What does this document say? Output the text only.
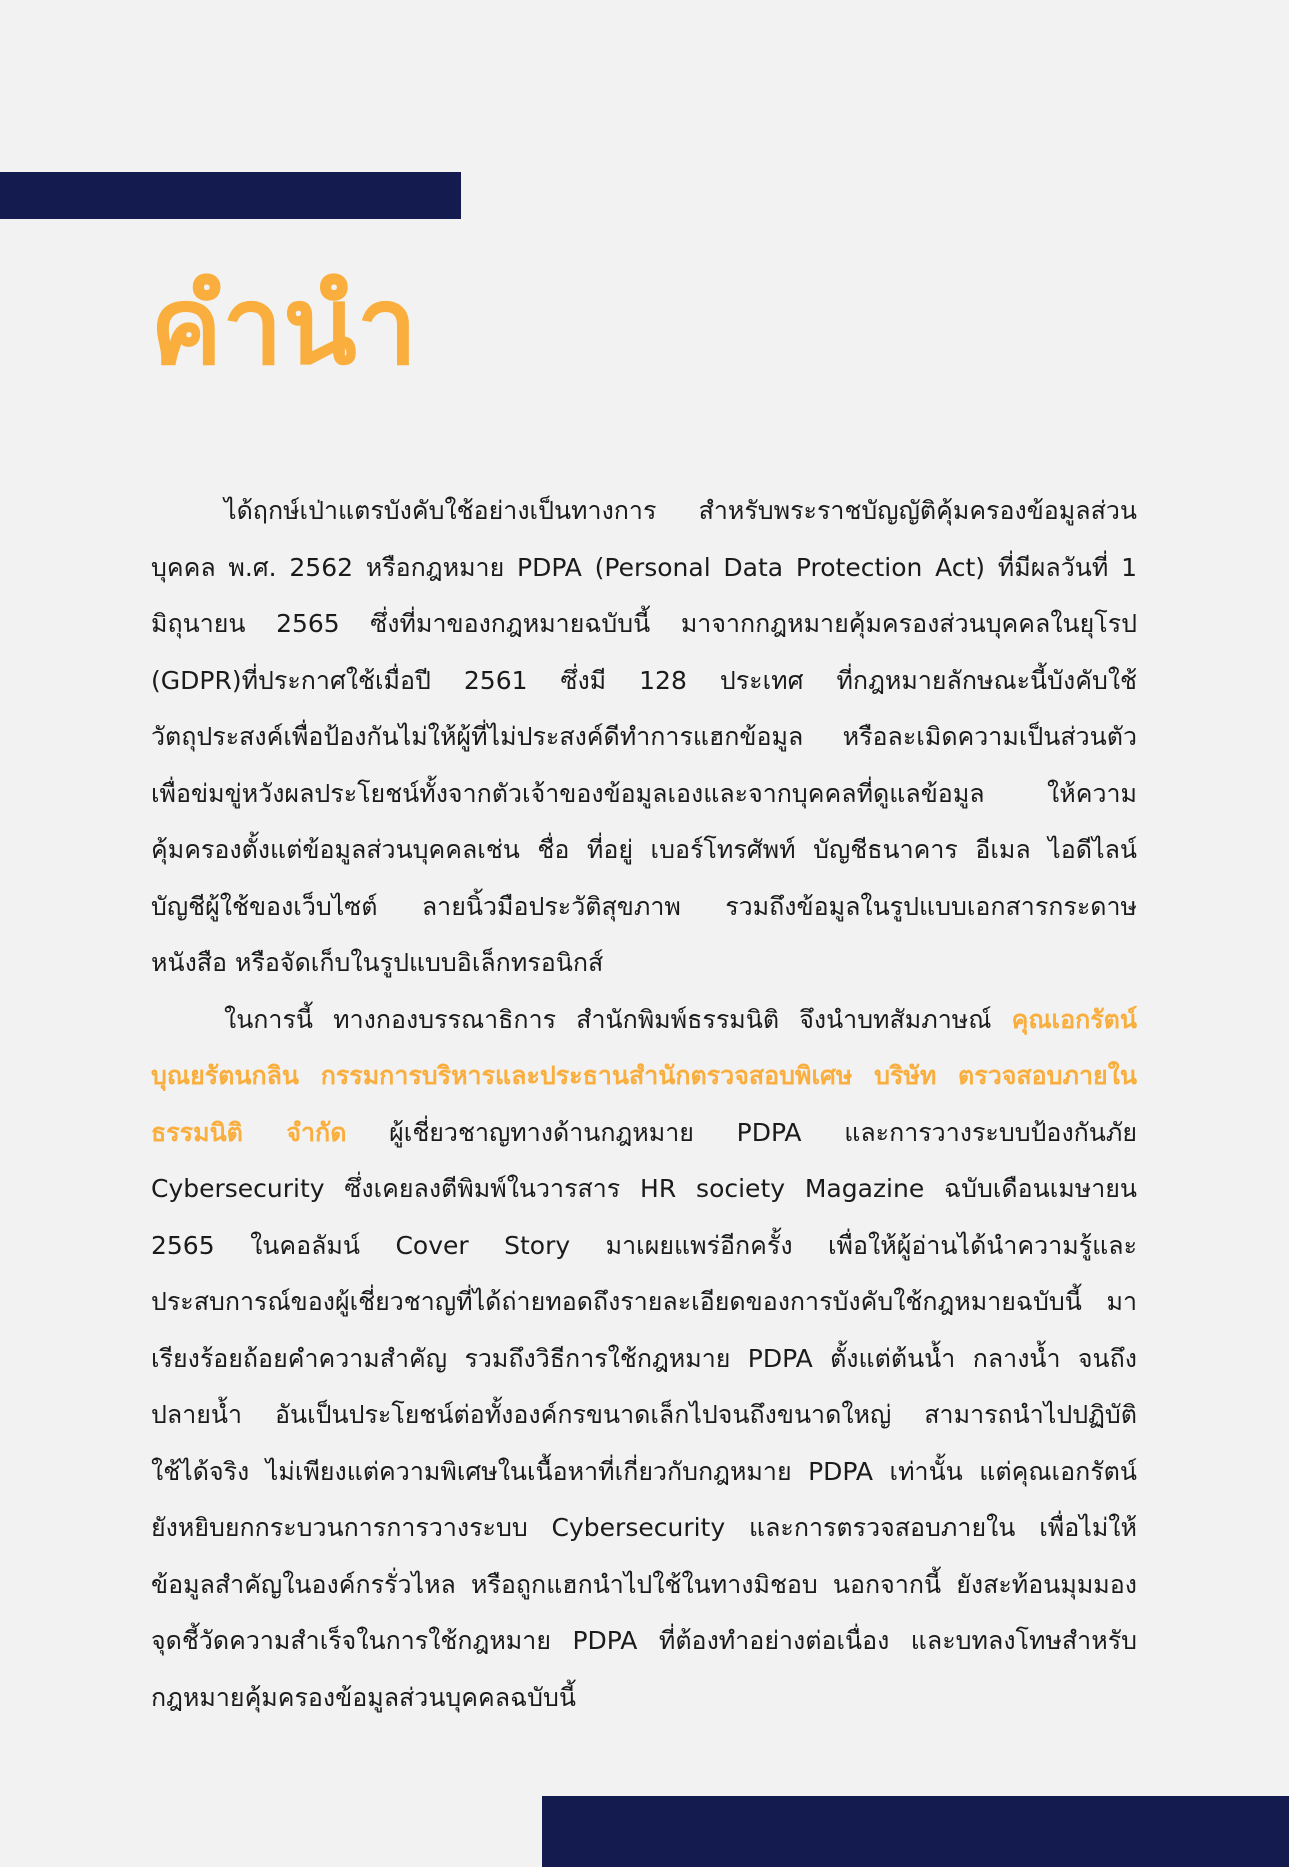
คำนำ

ได้ฤกษ์เป่าแตรบังคับใช้อย่างเป็นทางการ สำหรับพระราชบัญญัติคุ้มครองข้อมูลส่วนบุคคล พ.ศ. 2562 หรือกฎหมาย PDPA (Personal Data Protection Act) ที่มีผลวันที่ 1 มิถุนายน 2565 ซึ่งที่มาของกฎหมายฉบับนี้ มาจากกฎหมายคุ้มครองส่วนบุคคลในยุโรป (GDPR)ที่ประกาศใช้เมื่อปี 2561 ซึ่งมี 128 ประเทศ ที่กฎหมายลักษณะนี้บังคับใช้ วัตถุประสงค์เพื่อป้องกันไม่ให้ผู้ที่ไม่ประสงค์ดีทำการแฮกข้อมูล หรือละเมิดความเป็นส่วนตัว เพื่อข่มขู่หวังผลประโยชน์ทั้งจากตัวเจ้าของข้อมูลเองและจากบุคคลที่ดูแลข้อมูล ให้ความคุ้มครองตั้งแต่ข้อมูลส่วนบุคคลเช่น ชื่อ ที่อยู่ เบอร์โทรศัพท์ บัญชีธนาคาร อีเมล ไอดีไลน์ บัญชีผู้ใช้ของเว็บไซต์ ลายนิ้วมือประวัติสุขภาพ รวมถึงข้อมูลในรูปแบบเอกสารกระดาษ หนังสือ หรือจัดเก็บในรูปแบบอิเล็กทรอนิกส์

ในการนี้ ทางกองบรรณาธิการ สำนักพิมพ์ธรรมนิติ จึงนำบทสัมภาษณ์ คุณเอกรัตน์ บุณยรัตนกลิน กรรมการบริหารและประธานสำนักตรวจสอบพิเศษ บริษัท ตรวจสอบภายในธรรมนิติ จำกัด ผู้เชี่ยวชาญทางด้านกฎหมาย PDPA และการวางระบบป้องกันภัย Cybersecurity ซึ่งเคยลงตีพิมพ์ในวารสาร HR society Magazine ฉบับเดือนเมษายน 2565 ในคอลัมน์ Cover Story มาเผยแพร่อีกครั้ง เพื่อให้ผู้อ่านได้นำความรู้และประสบการณ์ของผู้เชี่ยวชาญที่ได้ถ่ายทอดถึงรายละเอียดของการบังคับใช้กฎหมายฉบับนี้ มาเรียงร้อยถ้อยคำความสำคัญ รวมถึงวิธีการใช้กฎหมาย PDPA ตั้งแต่ต้นน้ำ กลางน้ำ จนถึงปลายน้ำ อันเป็นประโยชน์ต่อทั้งองค์กรขนาดเล็กไปจนถึงขนาดใหญ่ สามารถนำไปปฏิบัติใช้ได้จริง ไม่เพียงแต่ความพิเศษในเนื้อหาที่เกี่ยวกับกฎหมาย PDPA เท่านั้น แต่คุณเอกรัตน์ ยังหยิบยกกระบวนการการวางระบบ Cybersecurity และการตรวจสอบภายใน เพื่อไม่ให้ข้อมูลสำคัญในองค์กรรั่วไหล หรือถูกแฮกนำไปใช้ในทางมิชอบ นอกจากนี้ ยังสะท้อนมุมมองจุดชี้วัดความสำเร็จในการใช้กฎหมาย PDPA ที่ต้องทำอย่างต่อเนื่อง และบทลงโทษสำหรับกฎหมายคุ้มครองข้อมูลส่วนบุคคลฉบับนี้
